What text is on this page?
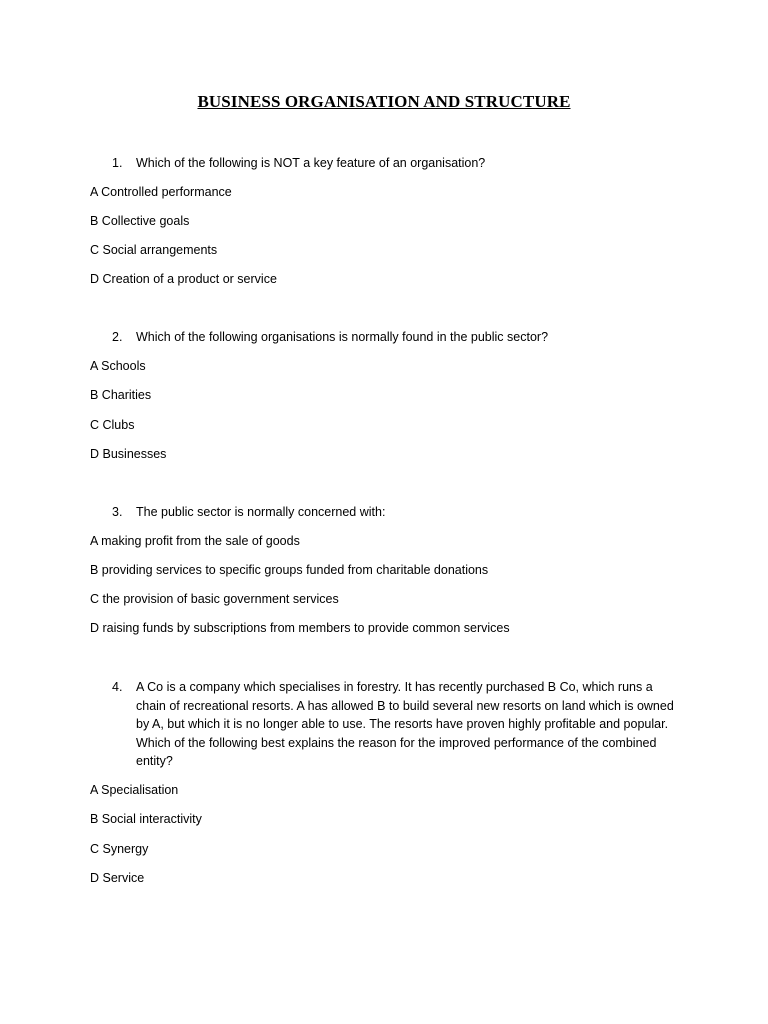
BUSINESS ORGANISATION AND STRUCTURE
1. Which of the following is NOT a key feature of an organisation?
A Controlled performance
B Collective goals
C Social arrangements
D Creation of a product or service
2. Which of the following organisations is normally found in the public sector?
A Schools
B Charities
C Clubs
D Businesses
3. The public sector is normally concerned with:
A making profit from the sale of goods
B providing services to specific groups funded from charitable donations
C the provision of basic government services
D raising funds by subscriptions from members to provide common services
4. A Co is a company which specialises in forestry. It has recently purchased B Co, which runs a chain of recreational resorts. A has allowed B to build several new resorts on land which is owned by A, but which it is no longer able to use. The resorts have proven highly profitable and popular. Which of the following best explains the reason for the improved performance of the combined entity?
A Specialisation
B Social interactivity
C Synergy
D Service
